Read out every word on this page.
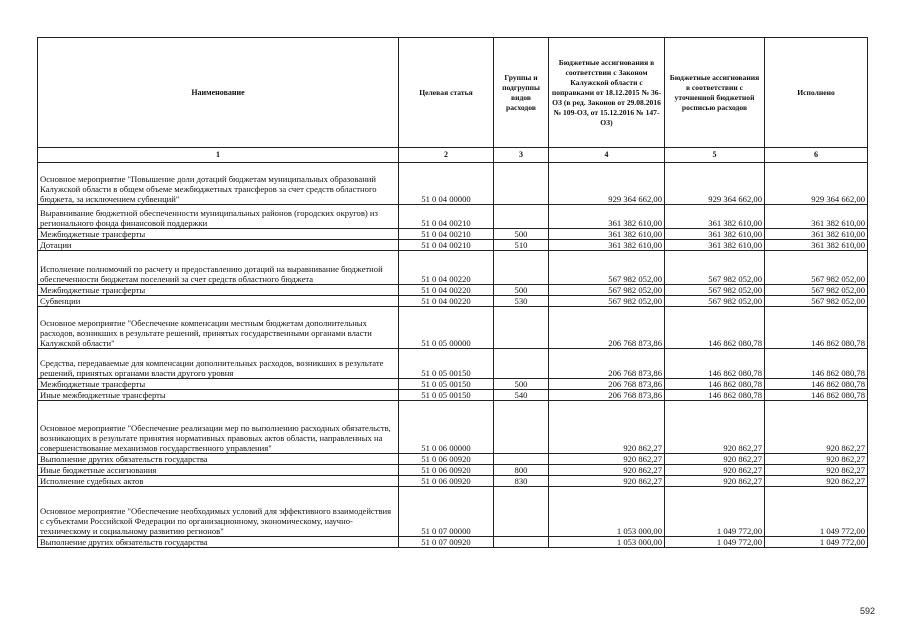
Наименование	Целевая статья	Группы и подгруппы видов расходов	Бюджетные ассигнования в соответствии с Законом Калужской области с поправками от 18.12.2015 № 36-ОЗ (в ред. Законов от 29.08.2016 № 109-ОЗ, от 15.12.2016 № 147-ОЗ)	Бюджетные ассигнования в соответствии с уточненной бюджетной росписью расходов	Исполнено
1	2	3	4	5	6
Основное мероприятие "Повышение доли дотаций бюджетам муниципальных образований Калужской области в общем объеме межбюджетных трансферов за счет средств областного бюджета, за исключением субвенций"	51 0 04 00000		929 364 662,00	929 364 662,00	929 364 662,00
Выравнивание бюджетной обеспеченности муниципальных районов (городских округов) из регионального фонда финансовой поддержки	51 0 04 00210		361 382 610,00	361 382 610,00	361 382 610,00
Межбюджетные трансферты	51 0 04 00210	500	361 382 610,00	361 382 610,00	361 382 610,00
Дотации	51 0 04 00210	510	361 382 610,00	361 382 610,00	361 382 610,00
Исполнение полномочий по расчету и предоставлению дотаций на выравнивание бюджетной обеспеченности бюджетам поселений за счет средств областного бюджета	51 0 04 00220		567 982 052,00	567 982 052,00	567 982 052,00
Межбюджетные трансферты	51 0 04 00220	500	567 982 052,00	567 982 052,00	567 982 052,00
Субвенции	51 0 04 00220	530	567 982 052,00	567 982 052,00	567 982 052,00
Основное мероприятие "Обеспечение компенсации местным бюджетам дополнительных расходов, возникших в результате решений, принятых государственными органами власти Калужской области"	51 0 05 00000		206 768 873,86	146 862 080,78	146 862 080,78
Средства, передаваемые для компенсации дополнительных расходов, возникших в результате решений, принятых органами власти другого уровня	51 0 05 00150		206 768 873,86	146 862 080,78	146 862 080,78
Межбюджетные трансферты	51 0 05 00150	500	206 768 873,86	146 862 080,78	146 862 080,78
Иные межбюджетные трансферты	51 0 05 00150	540	206 768 873,86	146 862 080,78	146 862 080,78
Основное мероприятие "Обеспечение реализации мер по выполнению расходных обязательств, возникающих в результате принятия нормативных правовых актов области, направленных на совершенствование механизмов государственного управления"	51 0 06 00000		920 862,27	920 862,27	920 862,27
Выполнение других обязательств государства	51 0 06 00920		920 862,27	920 862,27	920 862,27
Иные бюджетные ассигнования	51 0 06 00920	800	920 862,27	920 862,27	920 862,27
Исполнение судебных актов	51 0 06 00920	830	920 862,27	920 862,27	920 862,27
Основное мероприятие "Обеспечение необходимых условий для эффективного взаимодействия с субъектами Российской Федерации по организационному, экономическому, научно-техническому и социальному развитию регионов"	51 0 07 00000		1 053 000,00	1 049 772,00	1 049 772,00
Выполнение других обязательств государства	51 0 07 00920		1 053 000,00	1 049 772,00	1 049 772,00
592
